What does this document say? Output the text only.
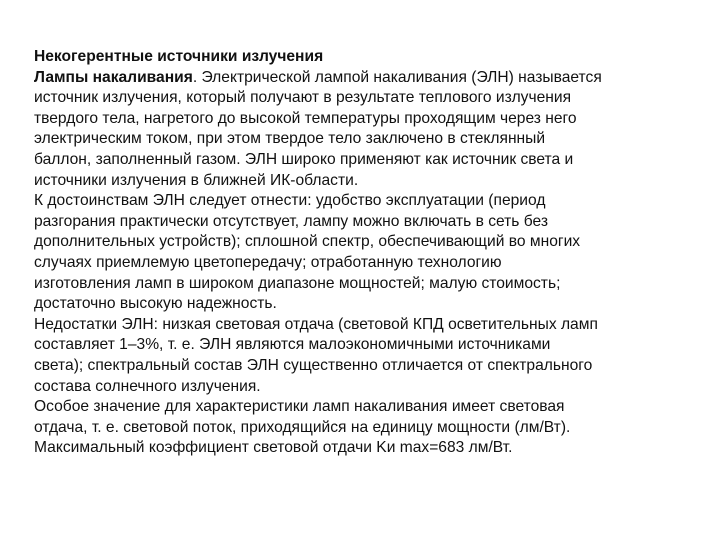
Некогерентные источники излучения

Лампы накаливания. Электрической лампой накаливания (ЭЛН) называется

источник излучения, который получают в результате теплового излучения

твердого тела, нагретого до высокой температуры проходящим через него

электрическим током, при этом твердое тело заключено в стеклянный

баллон, заполненный газом. ЭЛН широко применяют как источник света и

источники излучения в ближней ИК-области.

К достоинствам ЭЛН следует отнести: удобство эксплуатации (период

разгорания практически отсутствует, лампу можно включать в сеть без

дополнительных устройств); сплошной спектр, обеспечивающий во многих

случаях приемлемую цветопередачу; отработанную технологию

изготовления ламп в широком диапазоне мощностей; малую стоимость;

достаточно высокую надежность.

Недостатки ЭЛН: низкая световая отдача (световой КПД осветительных ламп

составляет 1–3%, т. е. ЭЛН являются малоэкономичными источниками

света); спектральный состав ЭЛН существенно отличается от спектрального

состава солнечного излучения.

Особое значение для характеристики ламп накаливания имеет световая

отдача, т. е. световой поток, приходящийся на единицу мощности (лм/Вт).

Максимальный коэффициент световой отдачи Kи max=683 лм/Вт.
